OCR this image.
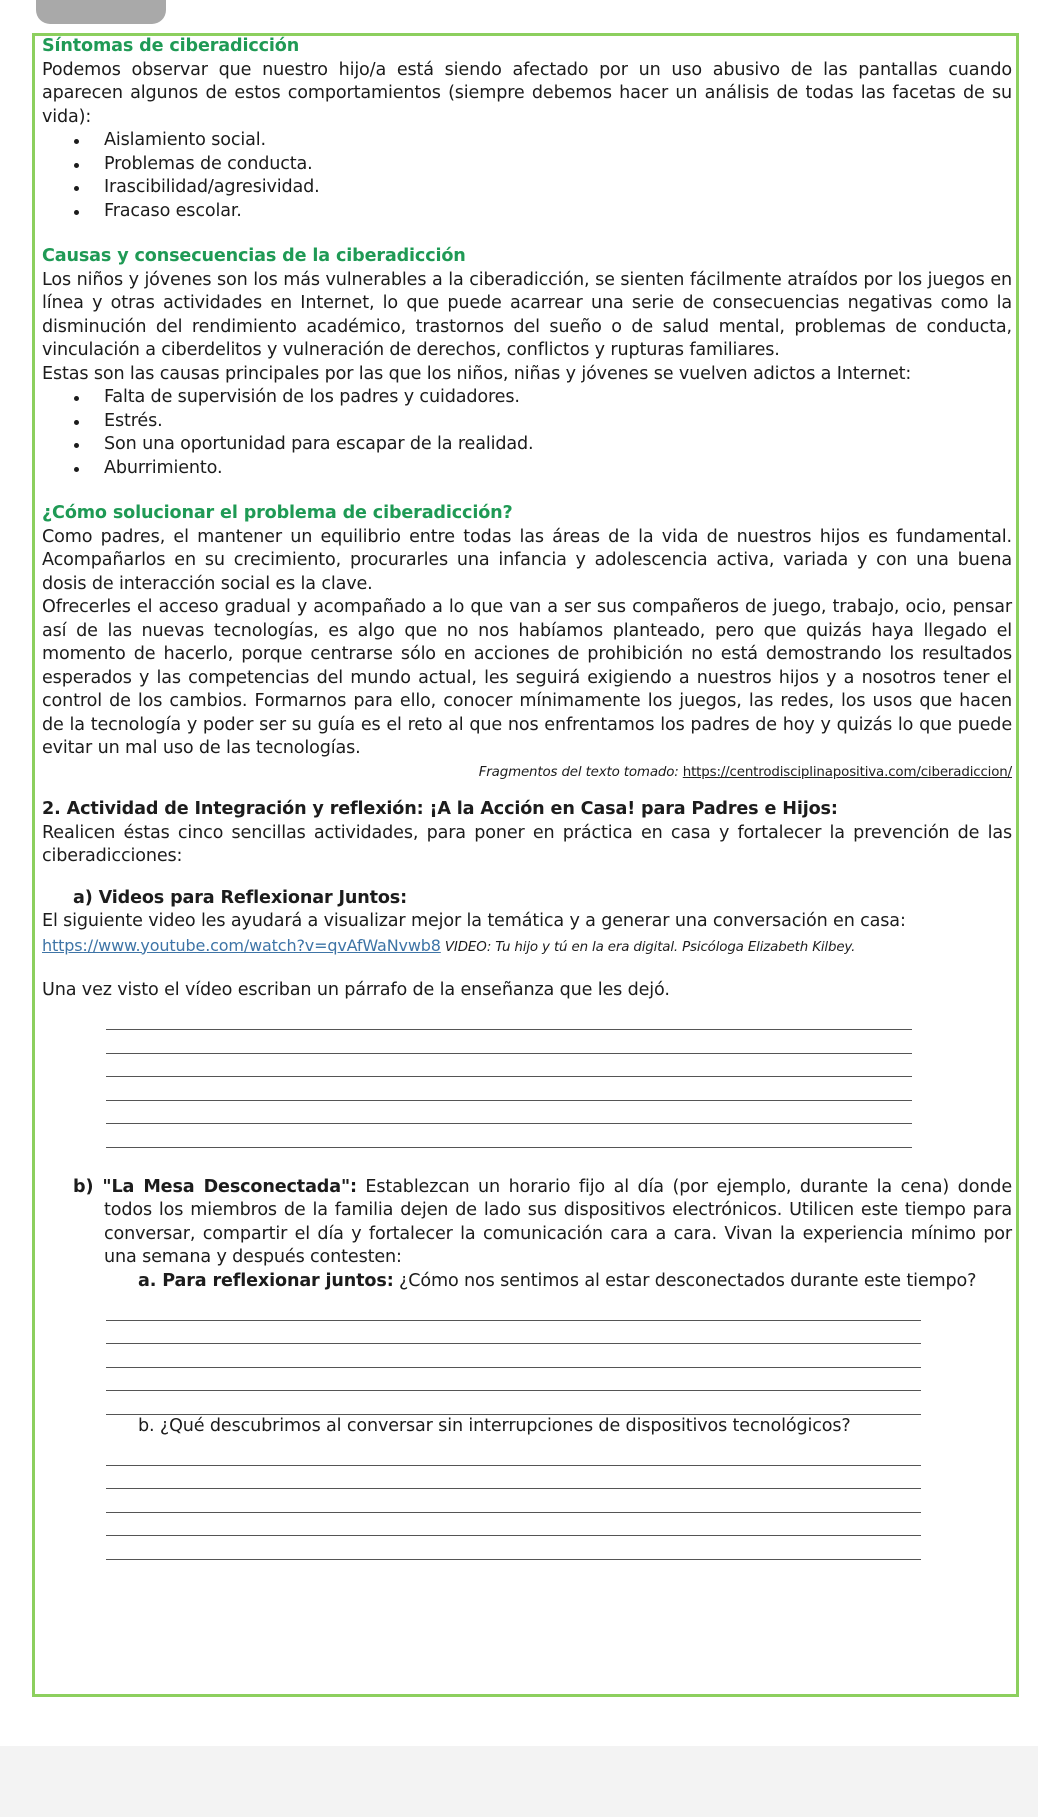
Síntomas de ciberadicción

Podemos observar que nuestro hijo/a está siendo afectado por un uso abusivo de las pantallas cuando aparecen algunos de estos comportamientos (siempre debemos hacer un análisis de todas las facetas de su vida):

Aislamiento social.
Problemas de conducta.
Irascibilidad/agresividad.
Fracaso escolar.

Causas y consecuencias de la ciberadicción

Los niños y jóvenes son los más vulnerables a la ciberadicción, se sienten fácilmente atraídos por los juegos en línea y otras actividades en Internet, lo que puede acarrear una serie de consecuencias negativas como la disminución del rendimiento académico, trastornos del sueño o de salud mental, problemas de conducta, vinculación a ciberdelitos y vulneración de derechos, conflictos y rupturas familiares.

Estas son las causas principales por las que los niños, niñas y jóvenes se vuelven adictos a Internet:

Falta de supervisión de los padres y cuidadores.
Estrés.
Son una oportunidad para escapar de la realidad.
Aburrimiento.

¿Cómo solucionar el problema de ciberadicción?

Como padres, el mantener un equilibrio entre todas las áreas de la vida de nuestros hijos es fundamental. Acompañarlos en su crecimiento, procurarles una infancia y adolescencia activa, variada y con una buena dosis de interacción social es la clave.

Ofrecerles el acceso gradual y acompañado a lo que van a ser sus compañeros de juego, trabajo, ocio, pensar así de las nuevas tecnologías, es algo que no nos habíamos planteado, pero que quizás haya llegado el momento de hacerlo, porque centrarse sólo en acciones de prohibición no está demostrando los resultados esperados y las competencias del mundo actual, les seguirá exigiendo a nuestros hijos y a nosotros tener el control de los cambios. Formarnos para ello, conocer mínimamente los juegos, las redes, los usos que hacen de la tecnología y poder ser su guía es el reto al que nos enfrentamos los padres de hoy y quizás lo que puede evitar un mal uso de las tecnologías.

Fragmentos del texto tomado: https://centrodisciplinapositiva.com/ciberadiccion/

2. Actividad de Integración y reflexión: ¡A la Acción en Casa! para Padres e Hijos:

Realicen éstas cinco sencillas actividades, para poner en práctica en casa y fortalecer la prevención de las ciberadicciones:

a) Videos para Reflexionar Juntos:

El siguiente video les ayudará a visualizar mejor la temática y a generar una conversación en casa:

https://www.youtube.com/watch?v=qvAfWaNvwb8 VIDEO: Tu hijo y tú en la era digital. Psicóloga Elizabeth Kilbey.

Una vez visto el vídeo escriban un párrafo de la enseñanza que les dejó.

b) "La Mesa Desconectada": Establezcan un horario fijo al día (por ejemplo, durante la cena) donde todos los miembros de la familia dejen de lado sus dispositivos electrónicos. Utilicen este tiempo para conversar, compartir el día y fortalecer la comunicación cara a cara. Vivan la experiencia mínimo por una semana y después contesten:

a. Para reflexionar juntos: ¿Cómo nos sentimos al estar desconectados durante este tiempo?

b. ¿Qué descubrimos al conversar sin interrupciones de dispositivos tecnológicos?
